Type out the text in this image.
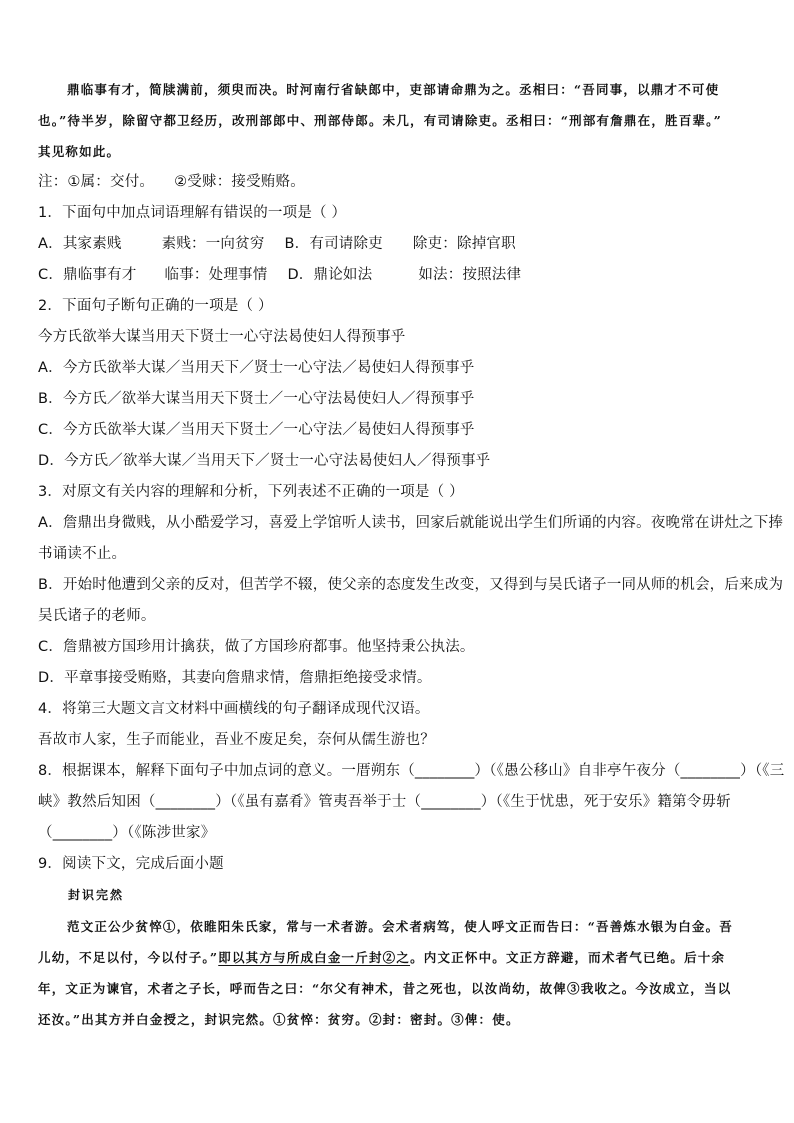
鼎临事有才，简牍满前，须臾而决。时河南行省缺郎中，吏部请命鼎为之。丞相曰：“吾同事，以鼎才不可使
也。”待半岁，除留守都卫经历，改刑部郎中、刑部侍郎。未几，有司请除吏。丞相曰：“刑部有詹鼎在，胜百辈。”
其见称如此。
注：①属：交付。 ②受赇：接受贿赂。
1．下面句中加点词语理解有错误的一项是（ ）
A．其家素贱	素贱：一向贫穷 B．有司请除吏 除吏：除掉官职
C．鼎临事有才 临事：处理事情 D．鼎论如法	如法：按照法律
2．下面句子断句正确的一项是（ ）
今方氏欲举大谋当用天下贤士一心守法曷使妇人得预事乎
A．今方氏欲举大谋／当用天下／贤士一心守法／曷使妇人得预事乎
B．今方氏／欲举大谋当用天下贤士／一心守法曷使妇人／得预事乎
C．今方氏欲举大谋／当用天下贤士／一心守法／曷使妇人得预事乎
D．今方氏／欲举大谋／当用天下／贤士一心守法曷使妇人／得预事乎
3．对原文有关内容的理解和分析，下列表述不正确的一项是（ ）
A．詹鼎出身微贱，从小酷爱学习，喜爱上学馆听人读书，回家后就能说出学生们所诵的内容。夜晚常在讲灶之下捧
书诵读不止。
B．开始时他遭到父亲的反对，但苦学不辍，使父亲的态度发生改变，又得到与吴氏诸子一同从师的机会，后来成为
吴氏诸子的老师。
C．詹鼎被方国珍用计擒获，做了方国珍府都事。他坚持秉公执法。
D．平章事接受贿赂，其妻向詹鼎求情，詹鼎拒绝接受求情。
4．将第三大题文言文材料中画横线的句子翻译成现代汉语。
吾故市人家，生子而能业，吾业不废足矣，奈何从儒生游也？
8．根据课本，解释下面句子中加点词的意义。一厝朔东（________）（《愚公移山》自非亭午夜分（________）（《三
峡》教然后知困（________）（《虽有嘉肴》管夷吾举于士（________）（《生于忧患，死于安乐》籍第令毋斩
（________）（《陈涉世家》
9．阅读下文，完成后面小题
封识完然
范文正公少贫悴①，依睢阳朱氏家，常与一术者游。会术者病笃，使人呼文正而告曰：“吾善炼水银为白金。吾
儿幼，不足以付，今以付子。”即以其方与所成白金一斤封②之。内文正怀中。文正方辞避，而术者气已绝。后十余
年，文正为谏官，术者之子长，呼而告之曰：“尔父有神术，昔之死也，以汝尚幼，故俾③我收之。今汝成立，当以
还汝。”出其方并白金授之，封识完然。①贫悴：贫穷。②封：密封。③俾：使。
